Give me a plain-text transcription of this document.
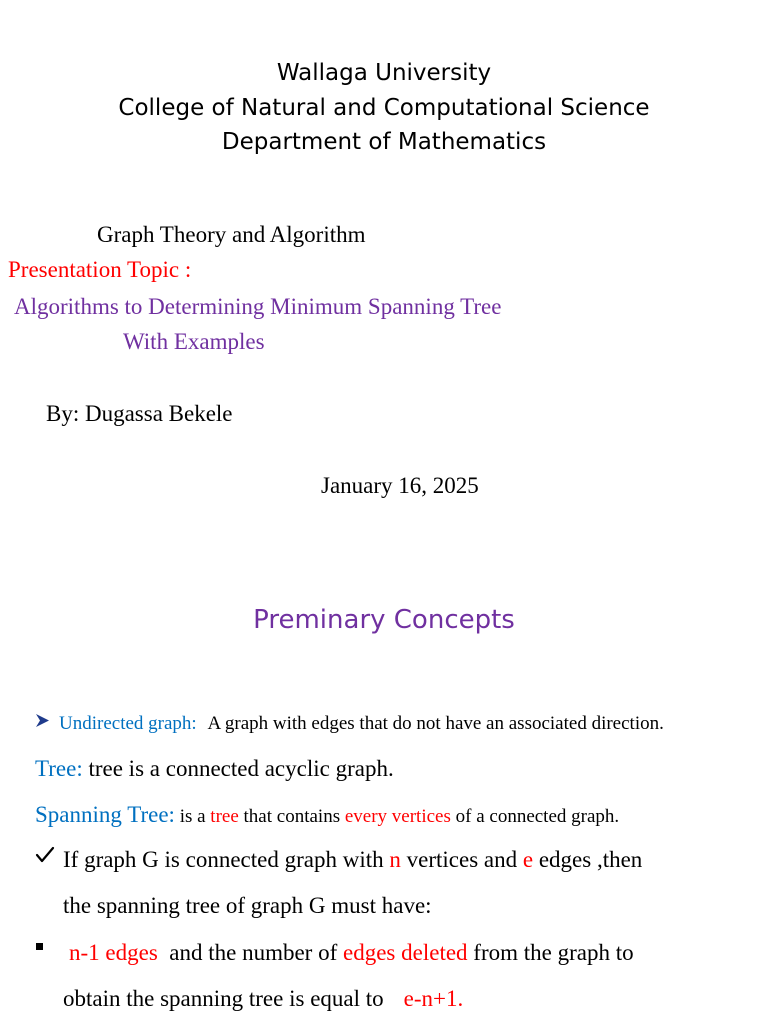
Wallaga University
College of Natural and Computational Science
Department of Mathematics
Graph Theory and Algorithm
Presentation Topic :
Algorithms to Determining Minimum Spanning Tree
With Examples
By: Dugassa Bekele
January 16, 2025
Preminary Concepts
Undirected graph: A graph with edges that do not have an associated direction.
Tree: tree is a connected acyclic graph.
Spanning Tree: is a tree that contains every vertices of a connected graph.
If graph G is connected graph with n vertices and e edges ,then
the spanning tree of graph G must have:
n-1 edges  and the number of edges deleted from the graph to
obtain the spanning tree is equal to e-n+1.
